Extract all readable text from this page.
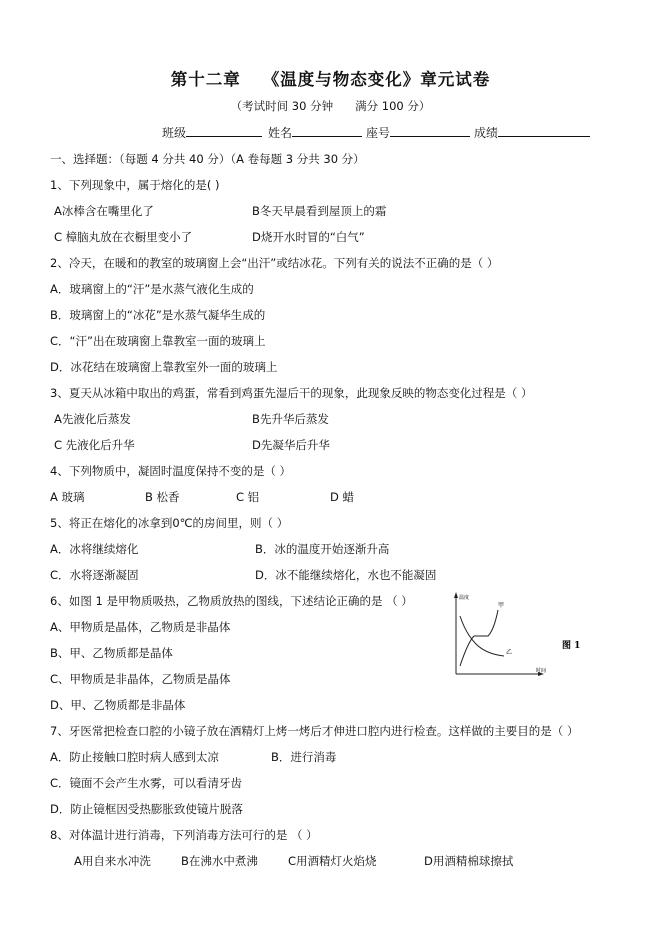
第十二章 《温度与物态变化》章元试卷
（考试时间 30 分钟 满分 100 分）
班级	姓名	座号	成绩
一、选择题：（每题 4 分共 40 分）（A 卷每题 3 分共 30 分）
1、下列现象中，属于熔化的是( )
A冰棒含在嘴里化了	B冬天早晨看到屋顶上的霜
C 樟脑丸放在衣橱里变小了	D烧开水时冒的“白气”
2、冷天，在暖和的教室的玻璃窗上会“出汗”或结冰花。下列有关的说法不正确的是（ ）
A．玻璃窗上的“汗”是水蒸气液化生成的
B．玻璃窗上的“冰花”是水蒸气凝华生成的
C．“汗”出在玻璃窗上靠教室一面的玻璃上
D．冰花结在玻璃窗上靠教室外一面的玻璃上
3、夏天从冰箱中取出的鸡蛋，常看到鸡蛋先湿后干的现象，此现象反映的物态变化过程是（ ）
A先液化后蒸发	B先升华后蒸发
C 先液化后升华	D先凝华后升华
4、下列物质中，凝固时温度保持不变的是（ ）
A 玻璃	B 松香	C 铝	D 蜡
5、将正在熔化的冰拿到0℃的房间里，则（ ）
A．冰将继续熔化	B．冰的温度开始逐渐升高
C．水将逐渐凝固	D．冰不能继续熔化，水也不能凝固
6、如图 1 是甲物质吸热，乙物质放热的图线，下述结论正确的是 （ ）
A、甲物质是晶体，乙物质是非晶体
B、甲、乙物质都是晶体
C、甲物质是非晶体，乙物质是晶体
D、甲、乙物质都是非晶体
温度
时间
甲
乙
图 1
7、牙医常把检查口腔的小镜子放在酒精灯上烤一烤后才伸进口腔内进行检查。这样做的主要目的是（ ）
A．防止接触口腔时病人感到太凉	B．进行消毒
C．镜面不会产生水雾，可以看清牙齿
D．防止镜框因受热膨胀致使镜片脱落
8、对体温计进行消毒，下列消毒方法可行的是 （ ）
A用自来水冲洗	B在沸水中煮沸	C用酒精灯火焰烧	D用酒精棉球擦拭
